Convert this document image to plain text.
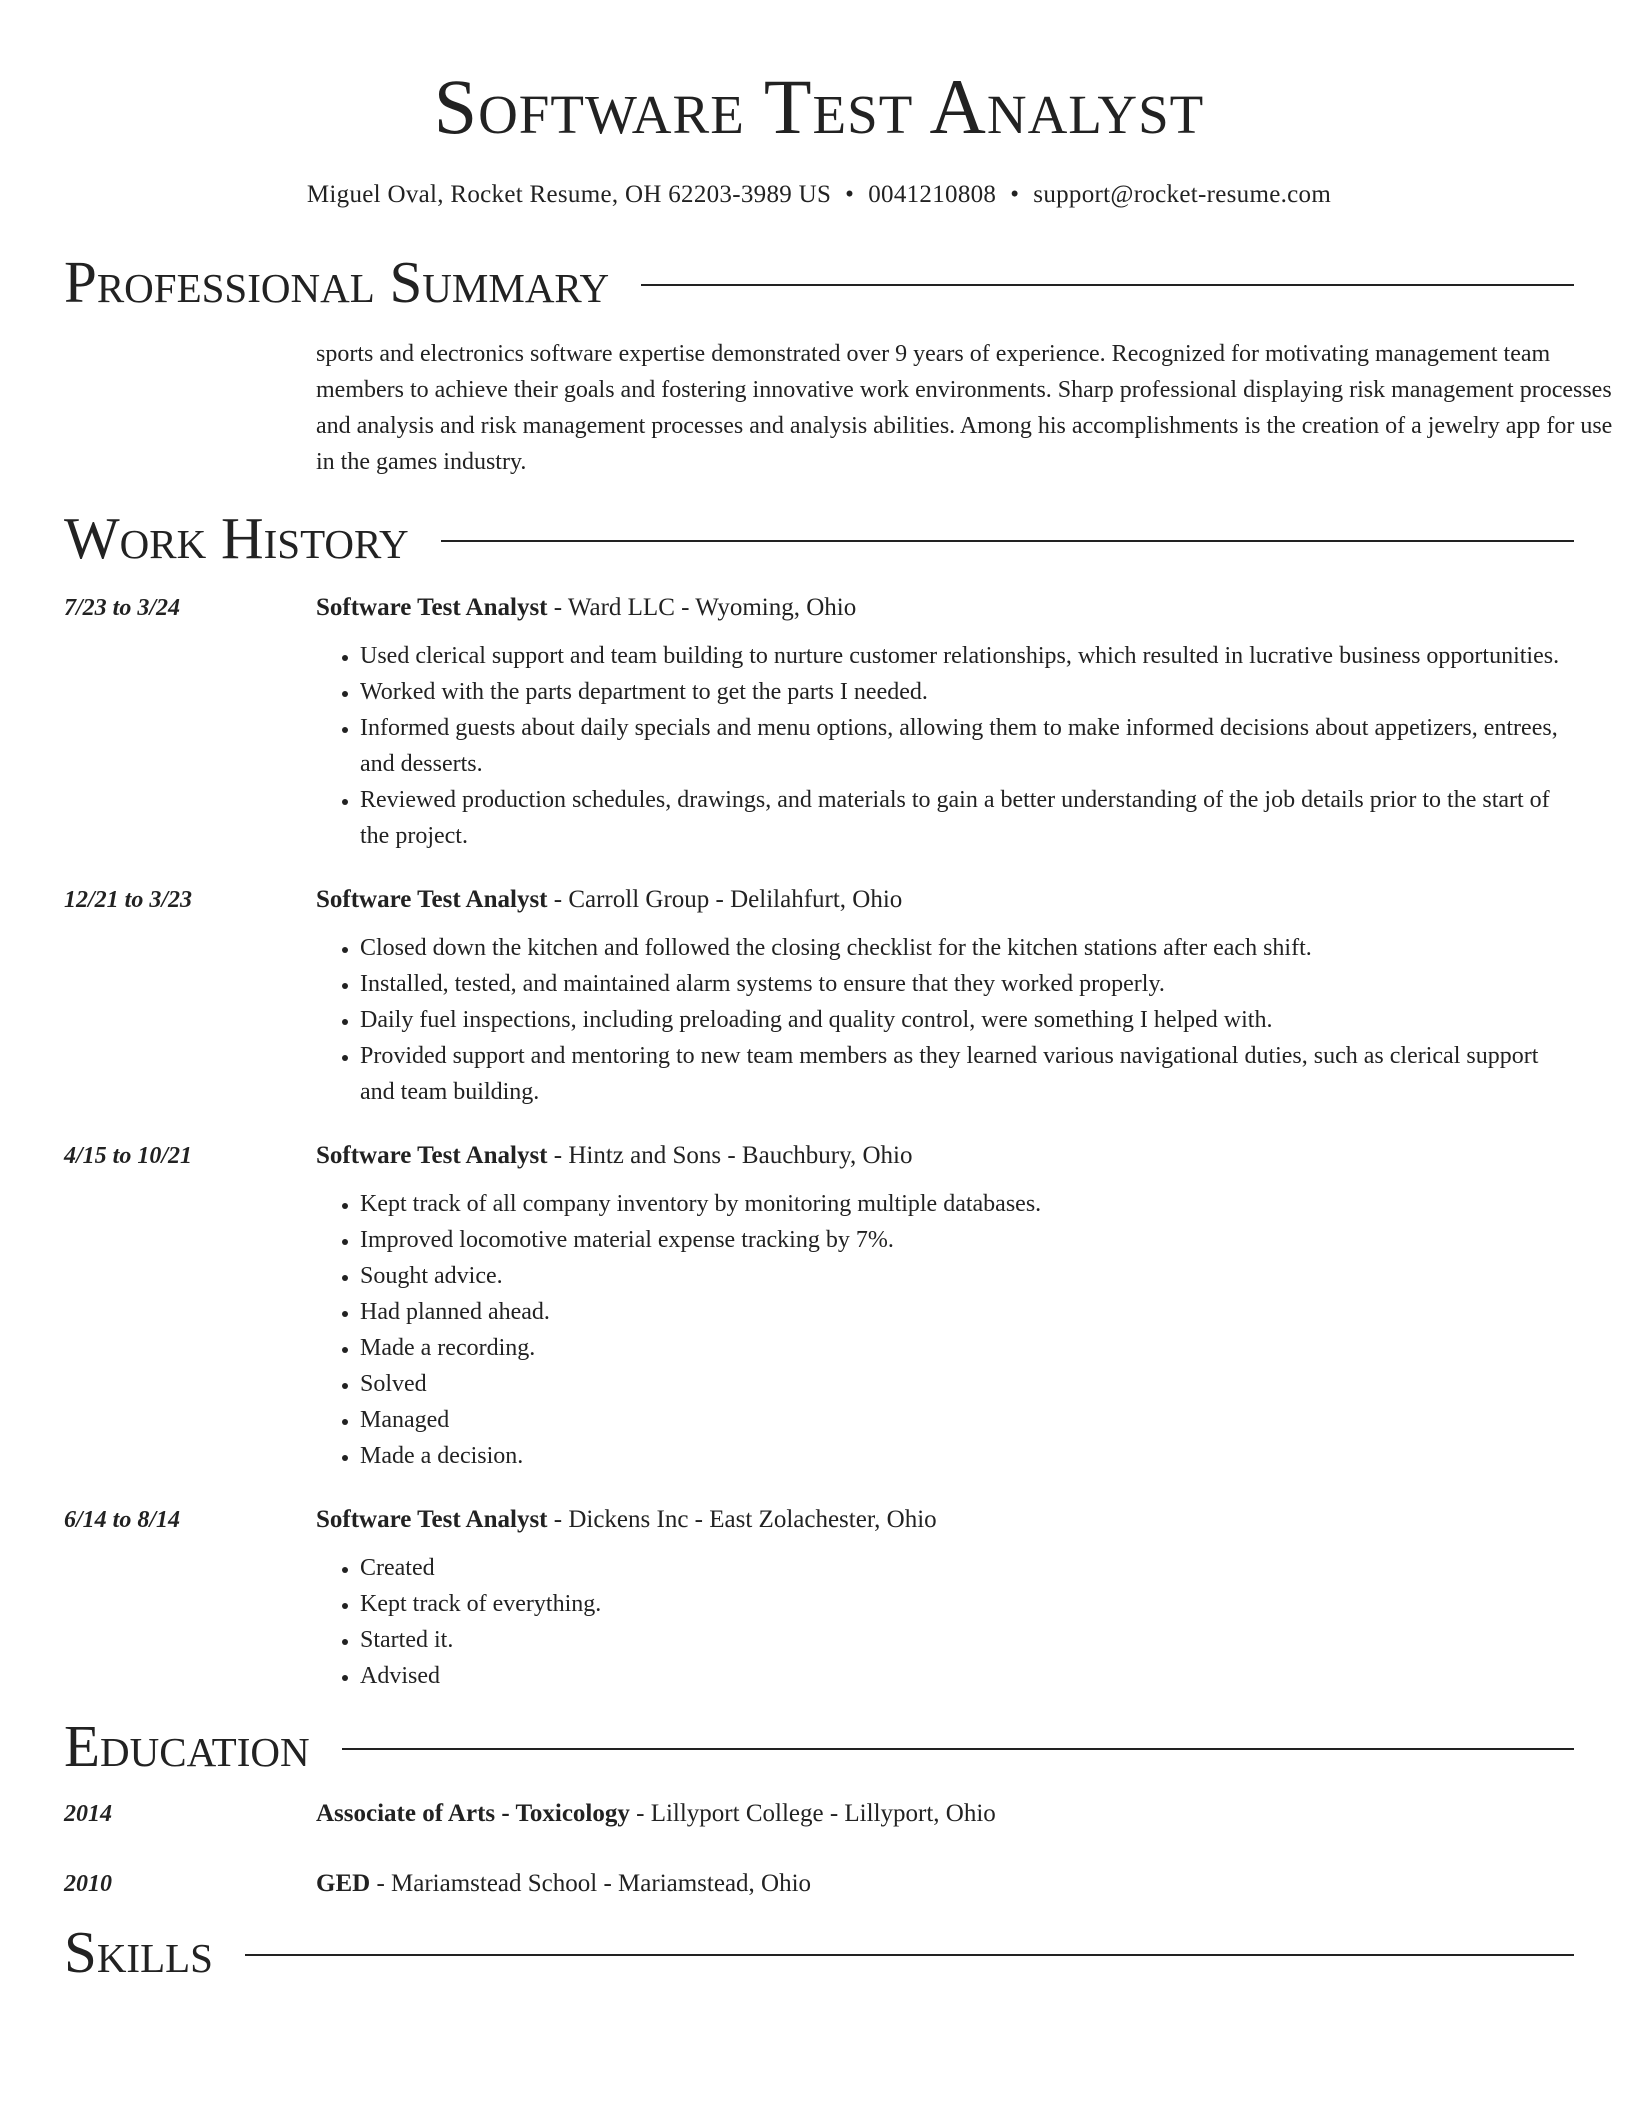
Software Test Analyst
Miguel Oval, Rocket Resume, OH 62203-3989 US • 0041210808 • support@rocket-resume.com
Professional Summary
sports and electronics software expertise demonstrated over 9 years of experience. Recognized for motivating management team members to achieve their goals and fostering innovative work environments. Sharp professional displaying risk management processes and analysis and risk management processes and analysis abilities. Among his accomplishments is the creation of a jewelry app for use in the games industry.
Work History
7/23 to 3/24	Software Test Analyst - Ward LLC - Wyoming, Ohio
• Used clerical support and team building to nurture customer relationships, which resulted in lucrative business opportunities.
• Worked with the parts department to get the parts I needed.
• Informed guests about daily specials and menu options, allowing them to make informed decisions about appetizers, entrees, and desserts.
• Reviewed production schedules, drawings, and materials to gain a better understanding of the job details prior to the start of the project.
12/21 to 3/23	Software Test Analyst - Carroll Group - Delilahfurt, Ohio
• Closed down the kitchen and followed the closing checklist for the kitchen stations after each shift.
• Installed, tested, and maintained alarm systems to ensure that they worked properly.
• Daily fuel inspections, including preloading and quality control, were something I helped with.
• Provided support and mentoring to new team members as they learned various navigational duties, such as clerical support and team building.
4/15 to 10/21	Software Test Analyst - Hintz and Sons - Bauchbury, Ohio
• Kept track of all company inventory by monitoring multiple databases.
• Improved locomotive material expense tracking by 7%.
• Sought advice.
• Had planned ahead.
• Made a recording.
• Solved
• Managed
• Made a decision.
6/14 to 8/14	Software Test Analyst - Dickens Inc - East Zolachester, Ohio
• Created
• Kept track of everything.
• Started it.
• Advised
Education
2014	Associate of Arts - Toxicology - Lillyport College - Lillyport, Ohio
2010	GED - Mariamstead School - Mariamstead, Ohio
Skills
